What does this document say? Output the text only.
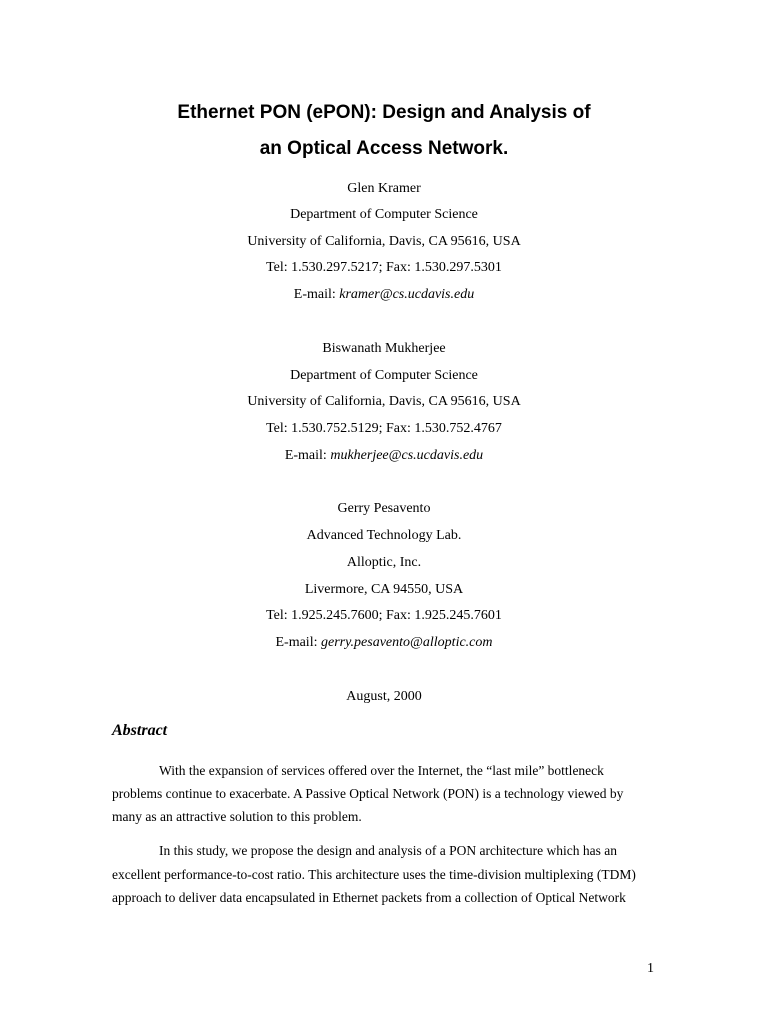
Ethernet PON (ePON): Design and Analysis of
an Optical Access Network.
Glen Kramer
Department of Computer Science
University of California, Davis, CA 95616, USA
Tel: 1.530.297.5217; Fax: 1.530.297.5301
E-mail: kramer@cs.ucdavis.edu
Biswanath Mukherjee
Department of Computer Science
University of California, Davis, CA 95616, USA
Tel: 1.530.752.5129; Fax: 1.530.752.4767
E-mail: mukherjee@cs.ucdavis.edu
Gerry Pesavento
Advanced Technology Lab.
Alloptic, Inc.
Livermore, CA 94550, USA
Tel: 1.925.245.7600; Fax: 1.925.245.7601
E-mail: gerry.pesavento@alloptic.com
August, 2000
Abstract
With the expansion of services offered over the Internet, the “last mile” bottleneck
problems continue to exacerbate. A Passive Optical Network (PON) is a technology viewed by
many as an attractive solution to this problem.
In this study, we propose the design and analysis of a PON architecture which has an
excellent performance-to-cost ratio. This architecture uses the time-division multiplexing (TDM)
approach to deliver data encapsulated in Ethernet packets from a collection of Optical Network
1
